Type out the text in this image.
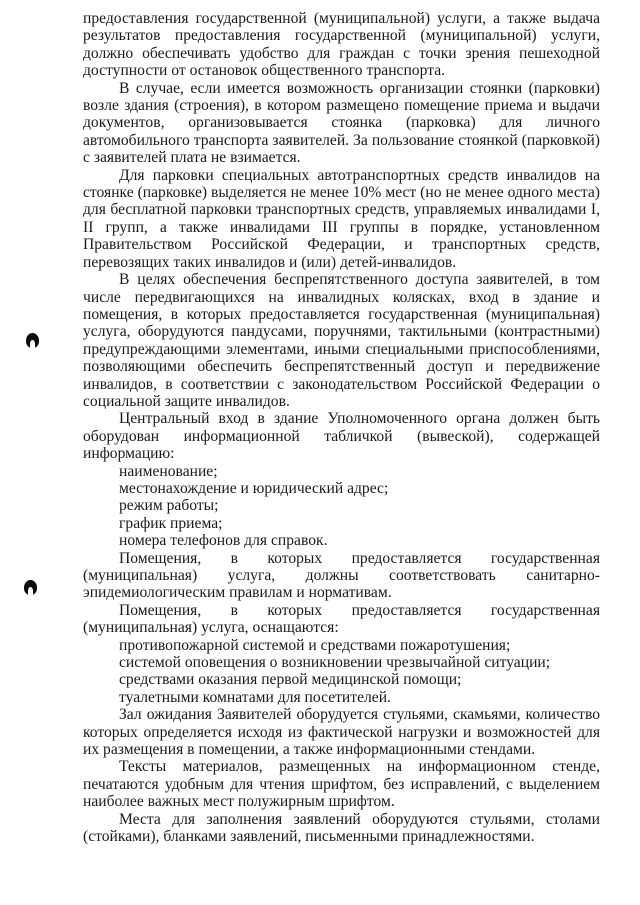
предоставления государственной (муниципальной) услуги, а также выдача результатов предоставления государственной (муниципальной) услуги, должно обеспечивать удобство для граждан с точки зрения пешеходной доступности от остановок общественного транспорта.

В случае, если имеется возможность организации стоянки (парковки) возле здания (строения), в котором размещено помещение приема и выдачи документов, организовывается стоянка (парковка) для личного автомобильного транспорта заявителей. За пользование стоянкой (парковкой) с заявителей плата не взимается.

Для парковки специальных автотранспортных средств инвалидов на стоянке (парковке) выделяется не менее 10% мест (но не менее одного места) для бесплатной парковки транспортных средств, управляемых инвалидами I, II групп, а также инвалидами III группы в порядке, установленном Правительством Российской Федерации, и транспортных средств, перевозящих таких инвалидов и (или) детей-инвалидов.

В целях обеспечения беспрепятственного доступа заявителей, в том числе передвигающихся на инвалидных колясках, вход в здание и помещения, в которых предоставляется государственная (муниципальная) услуга, оборудуются пандусами, поручнями, тактильными (контрастными) предупреждающими элементами, иными специальными приспособлениями, позволяющими обеспечить беспрепятственный доступ и передвижение инвалидов, в соответствии с законодательством Российской Федерации о социальной защите инвалидов.

Центральный вход в здание Уполномоченного органа должен быть оборудован информационной табличкой (вывеской), содержащей информацию:

наименование;

местонахождение и юридический адрес;

режим работы;

график приема;

номера телефонов для справок.

Помещения, в которых предоставляется государственная (муниципальная) услуга, должны соответствовать санитарно-эпидемиологическим правилам и нормативам.

Помещения, в которых предоставляется государственная (муниципальная) услуга, оснащаются:

противопожарной системой и средствами пожаротушения;

системой оповещения о возникновении чрезвычайной ситуации;

средствами оказания первой медицинской помощи;

туалетными комнатами для посетителей.

Зал ожидания Заявителей оборудуется стульями, скамьями, количество которых определяется исходя из фактической нагрузки и возможностей для их размещения в помещении, а также информационными стендами.

Тексты материалов, размещенных на информационном стенде, печатаются удобным для чтения шрифтом, без исправлений, с выделением наиболее важных мест полужирным шрифтом.

Места для заполнения заявлений оборудуются стульями, столами (стойками), бланками заявлений, письменными принадлежностями.
